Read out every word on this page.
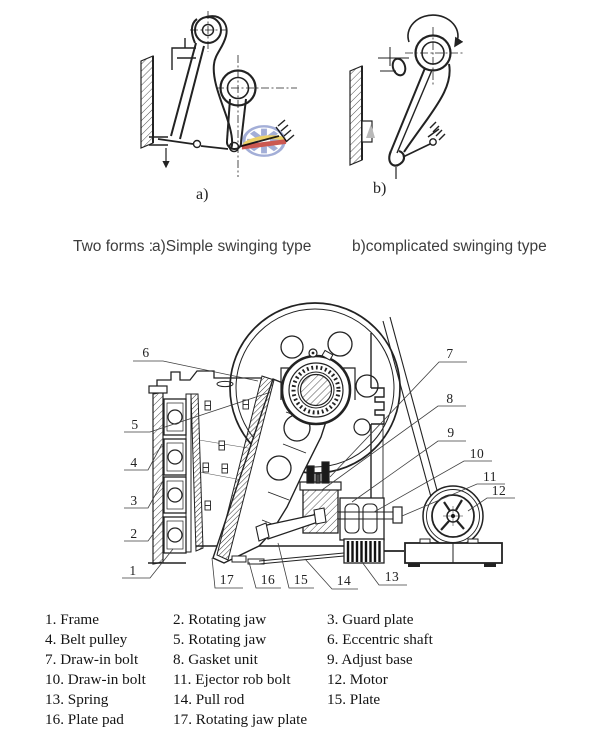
Two forms :
a)Simple swinging type	b)complicated swinging type
a)	b)
6
5
4
3
2
1
7
8
9
10
11
12
17 16 15 14 13
1. Frame	2. Rotating jaw	3. Guard plate
4. Belt pulley	5. Rotating jaw	6. Eccentric shaft
7. Draw-in bolt 8. Gasket unit	9. Adjust base
10. Draw-in bolt 11. Ejector rob bolt 12. Motor
13. Spring	14. Pull rod	15. Plate
16. Plate pad	17. Rotating jaw plate
